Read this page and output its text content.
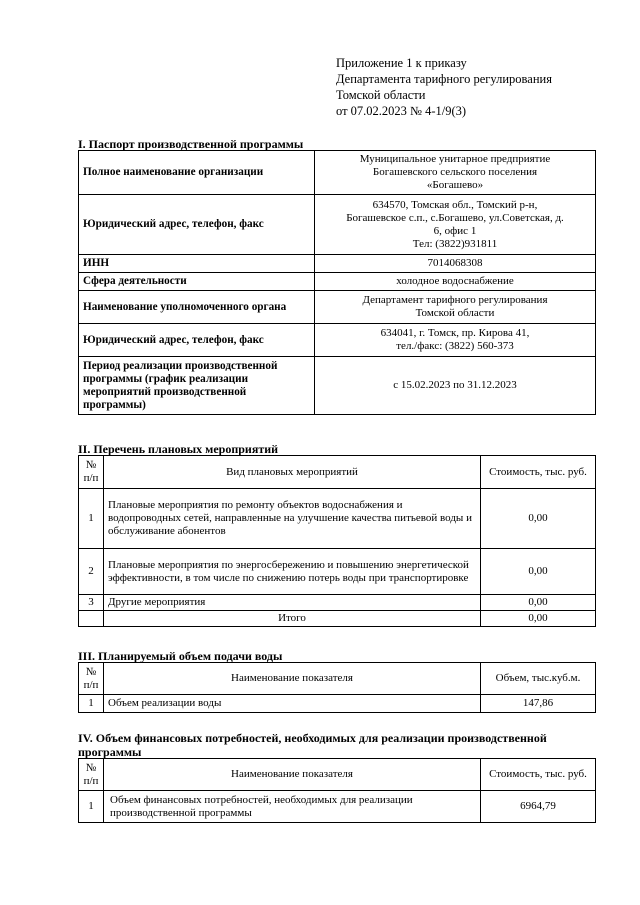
Приложение 1 к приказу
Департамента тарифного регулирования
Томской области
от 07.02.2023 № 4-1/9(3)
I. Паспорт производственной программы
Полное наименование организации	Муниципальное унитарное предприятие
Богашевского сельского поселения
«Богашево»

Юридический адрес, телефон, факс	634570, Томская обл., Томский р-н,
Богашевское с.п., с.Богашево, ул.Советская, д.
6, офис 1
Тел: (3822)931811

ИНН	7014068308

Сфера деятельности	холодное водоснабжение

Наименование уполномоченного органа	Департамент тарифного регулирования
Томской области

Юридический адрес, телефон, факс	634041, г. Томск, пр. Кирова 41,
тел./факс: (3822) 560-373

Период реализации производственной программы (график реализации мероприятий производственной программы)	с 15.02.2023 по 31.12.2023
II. Перечень плановых мероприятий
№ п/п	Вид плановых мероприятий	Стоимость, тыс. руб.
1	Плановые мероприятия по ремонту объектов водоснабжения и водопроводных сетей, направленные на улучшение качества питьевой воды и обслуживание абонентов	0,00
2	Плановые мероприятия по энергосбережению и повышению энергетической эффективности, в том числе по снижению потерь воды при транспортировке	0,00
3	Другие мероприятия	0,00
	Итого	0,00
III. Планируемый объем подачи воды
№ п/п	Наименование показателя	Объем, тыс.куб.м.
1	Объем реализации воды	147,86
IV. Объем финансовых потребностей, необходимых для реализации производственной
программы
№ п/п	Наименование показателя	Стоимость, тыс. руб.
1	Объем финансовых потребностей, необходимых для реализации производственной программы	6964,79
